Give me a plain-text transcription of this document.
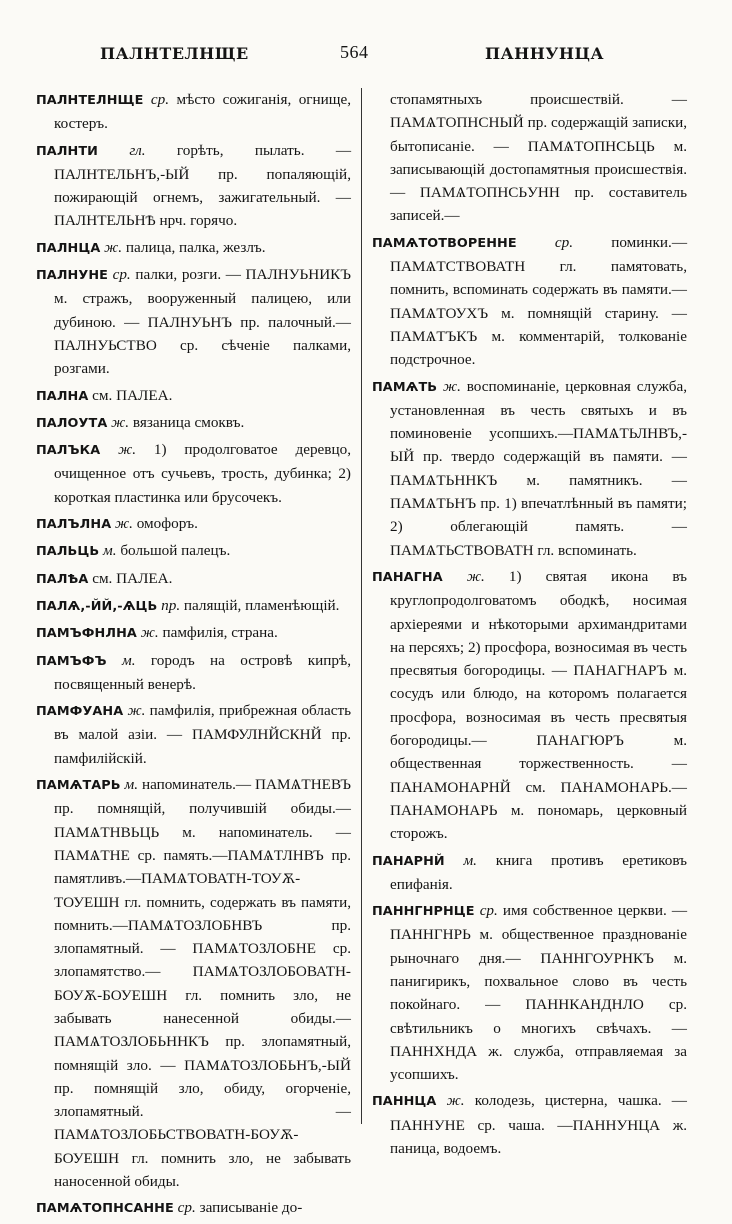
ПАЛНТЕЛНЩЕ	564	ПАННУНЦА

ПАЛНТЕЛНЩЕ ср. мѣсто сожиганія, огнище, костеръ.

ПАЛНТИ гл. горѣть, пылать. — ПАЛНТЕЛЬНЪ,-ЫЙ пр. попаляющій, пожирающій огнемъ, зажигательный. — ПАЛНТЕЛЬНѢ нрч. горячо.

ПАЛНЦА ж. палица, палка, жезлъ.

ПАЛНУНЕ ср. палки, розги. — ПАЛНУЬНИКЪ м. стражъ, вооруженный палицею, или дубиною. — ПАЛНУЬНЪ пр. палочный.—ПАЛНУЬСТВО ср. сѣченіе палками, розгами.

ПАЛНА см. ПАЛЕА.

ПАЛОУТА ж. вязаница смоквъ.

ПАЛЪКА ж. 1) продолговатое деревцо, очищенное отъ сучьевъ, трость, дубинка; 2) короткая пластинка или брусочекъ.

ПАЛЪЛНА ж. омофоръ.

ПАЛЬЦЬ м. большой палецъ.

ПАЛѢА см. ПАЛЕА.

ПАЛѦ,-ЙЙ,-ѦЦЬ пр. палящій, пламенѣющій.

ПАМЪФНЛНА ж. памфилія, страна.

ПАМЪФЪ м. городъ на островѣ кипрѣ, посвященный венерѣ.

ПАМФУАНА ж. памфилія, прибрежная область въ малой азіи. — ПАМФУЛНЙСКНЙ пр. памфилійскій.

ПАМѦТАРЬ м. напоминатель.— ПАМѦТНЕВЪ пр. помнящій, получившій обиды.—ПАМѦТНВЬЦЬ м. напоминатель. — ПАМѦТНЕ ср. память.—ПАМѦТЛНВЪ пр. памятливъ.—ПАМѦТОВАТН-ТОУѪ-ТОУЕШН гл. помнить, содержать въ памяти, помнить.—ПАМѦТОЗЛОБНВЪ пр. злопамятный. — ПАМѦТОЗЛОБНЕ ср. злопамятство.— ПАМѦТОЗЛОБОВАТН-БОУѪ-БОУЕШН гл. помнить зло, не забывать нанесенной обиды.—ПАМѦТОЗЛОБЬННКЪ пр. злопамятный, помнящій зло. — ПАМѦТОЗЛОБЬНЪ,-ЫЙ пр. помнящій зло, обиду, огорченіе, злопамятный. — ПАМѦТОЗЛОБЬСТВОВАТН-БОУѪ-БОУЕШН гл. помнить зло, не забывать наносенной обиды.

ПАМѦТОПНСАННЕ ср. записываніе до-

стопамятныхъ происшествій. — ПАМѦТОПНСНЫЙ пр. содержащій записки, бытописаніе. — ПАМѦТОПНСЬЦЬ м. записывающій достопамятныя происшествія. — ПАМѦТОПНСЬУНН пр. составитель записей.—

ПАМѦТОТВОРЕННЕ	ср.	поминки.—ПАМѦТСТВОВАТН гл. памятовать, помнить, вспоминать содержать въ памяти.—ПАМѦТОУХЪ м. помнящій старину. — ПАМѦТЪКЪ м. комментарій, толкованіе подстрочное.

ПАМѦТЬ ж. воспоминаніе, церковная служба, установленная въ честь святыхъ и въ поминовеніе усопшихъ.—ПАМѦТЬЛНВЪ,-ЫЙ пр. твердо содержащій въ памяти. — ПАМѦТЬННКЪ м. памятникъ. — ПАМѦТЬНЪ пр. 1) впечатлѣнный въ памяти; 2) облегающій память. — ПАМѦТЬСТВОВАТН гл. вспоминать.

ПАНАГНА ж. 1) святая икона въ круглопродолговатомъ ободкѣ, носимая архіереями и нѣкоторыми архимандритами на персяхъ; 2) просфора, возносимая въ честь пресвятыя богородицы. — ПАНАГНАРЪ м. сосудъ или блюдо, на которомъ полагается просфора, возносимая въ честь пресвятыя богородицы.— ПАНАГЮРЪ м. общественная торжественность. — ПАНАМОНАРНЙ см. ПАНАМОНАРЬ.—ПАНАМОНАРЬ м. пономарь, церковный сторожъ.

ПАНАРНЙ м. книга противъ еретиковъ епифанія.

ПАННГНРНЦЕ ср. имя собственное церкви. — ПАННГНРЬ м. общественное празднованіе рыночнаго дня.— ПАННГОУРНКЪ м. панигирикъ, похвальное слово въ честь покойнаго. — ПАННКАНДНЛО ср. свѣтильникъ о многихъ свѣчахъ. — ПАННХНДА ж. служба, отправляемая за усопшихъ.

ПАННЦА ж. колодезь, цистерна, чашка. —ПАННУНЕ ср. чаша. —ПАННУНЦА ж. паница, водоемъ.
